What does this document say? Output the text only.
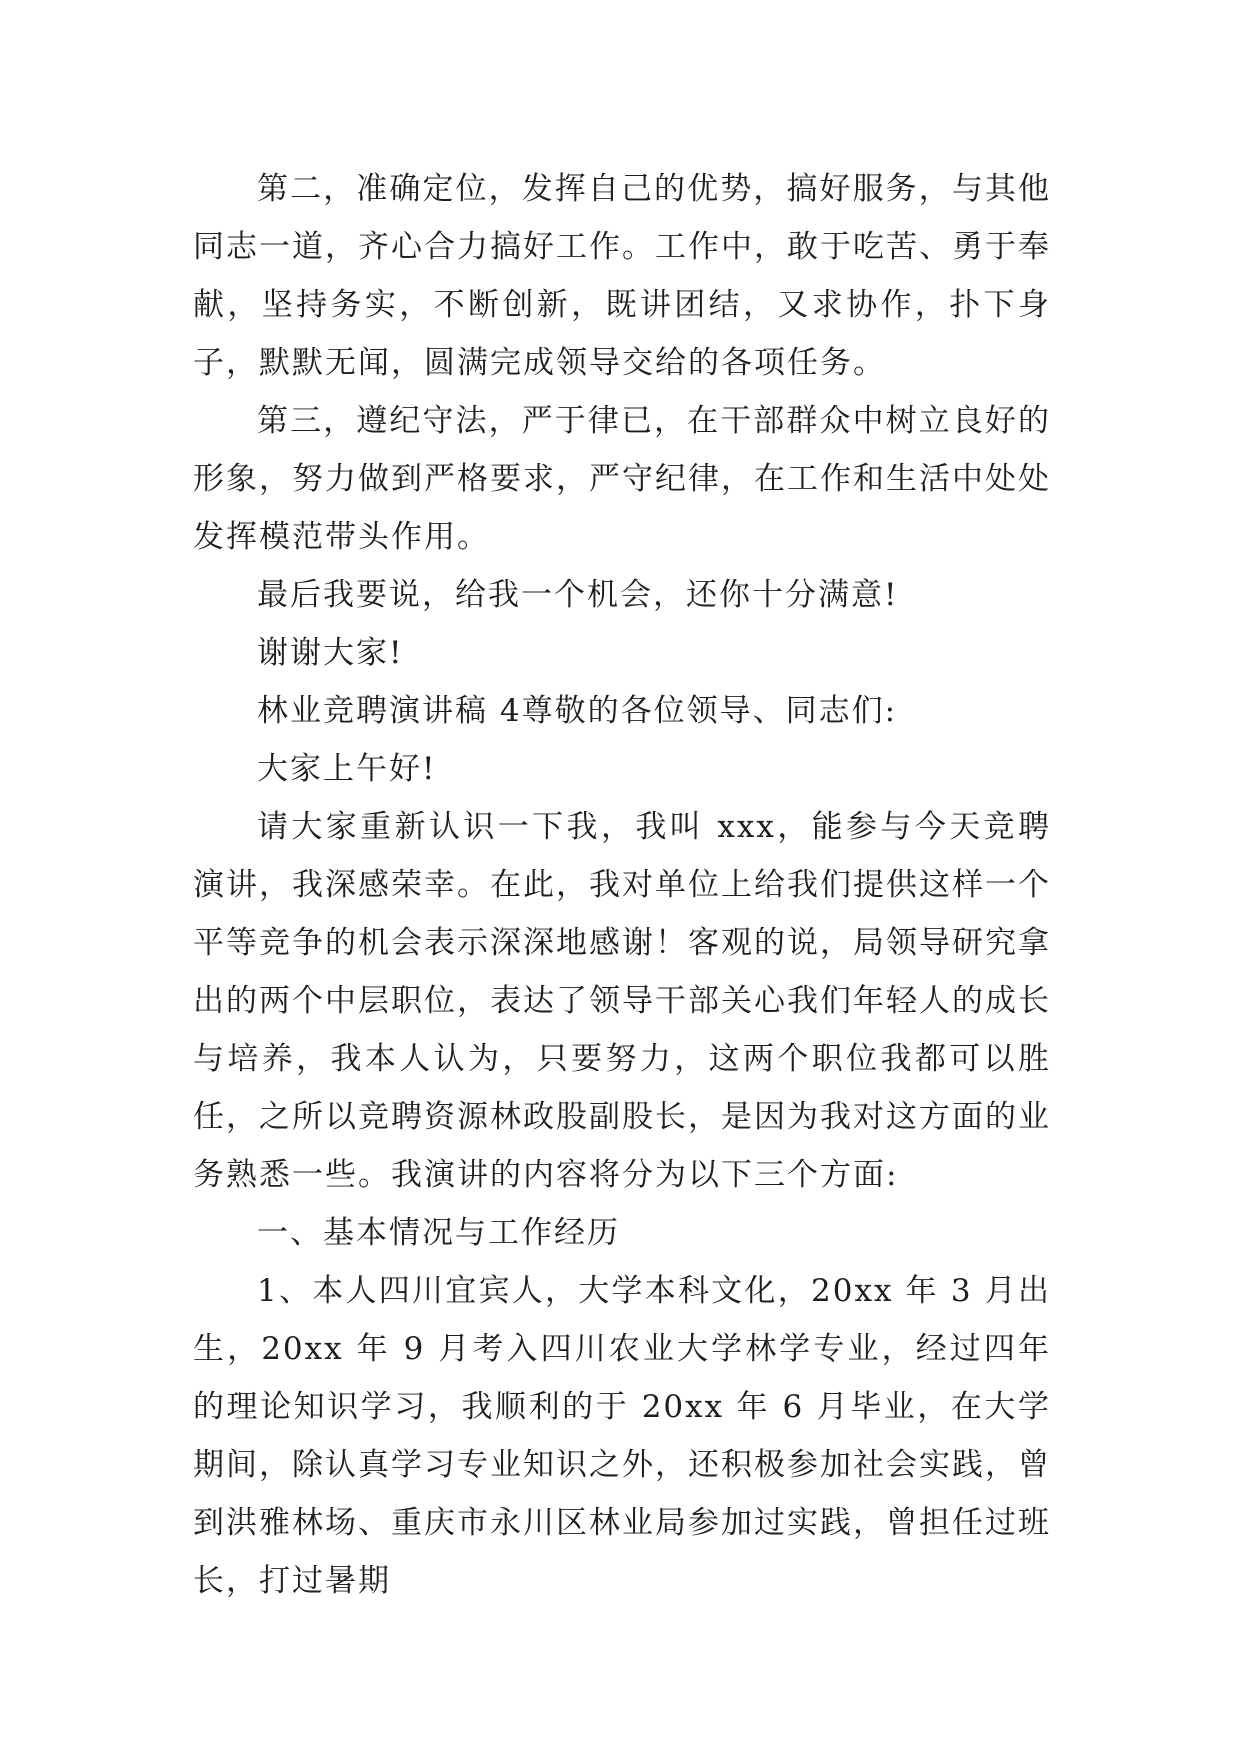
第二，准确定位，发挥自己的优势，搞好服务，与其他同志一道，齐心合力搞好工作。工作中，敢于吃苦、勇于奉献，坚持务实，不断创新，既讲团结，又求协作，扑下身子，默默无闻，圆满完成领导交给的各项任务。

第三，遵纪守法，严于律已，在干部群众中树立良好的形象，努力做到严格要求，严守纪律，在工作和生活中处处发挥模范带头作用。

最后我要说，给我一个机会，还你十分满意!

谢谢大家!

林业竞聘演讲稿 4尊敬的各位领导、同志们:

大家上午好!

请大家重新认识一下我，我叫 xxx，能参与今天竞聘演讲，我深感荣幸。在此，我对单位上给我们提供这样一个平等竞争的机会表示深深地感谢！客观的说，局领导研究拿出的两个中层职位，表达了领导干部关心我们年轻人的成长与培养，我本人认为，只要努力，这两个职位我都可以胜任，之所以竞聘资源林政股副股长，是因为我对这方面的业务熟悉一些。我演讲的内容将分为以下三个方面:

一、基本情况与工作经历

1、本人四川宜宾人，大学本科文化，20xx 年 3 月出生，20xx 年 9 月考入四川农业大学林学专业，经过四年的理论知识学习，我顺利的于 20xx 年 6 月毕业，在大学期间，除认真学习专业知识之外，还积极参加社会实践，曾到洪雅林场、重庆市永川区林业局参加过实践，曾担任过班长，打过暑期
